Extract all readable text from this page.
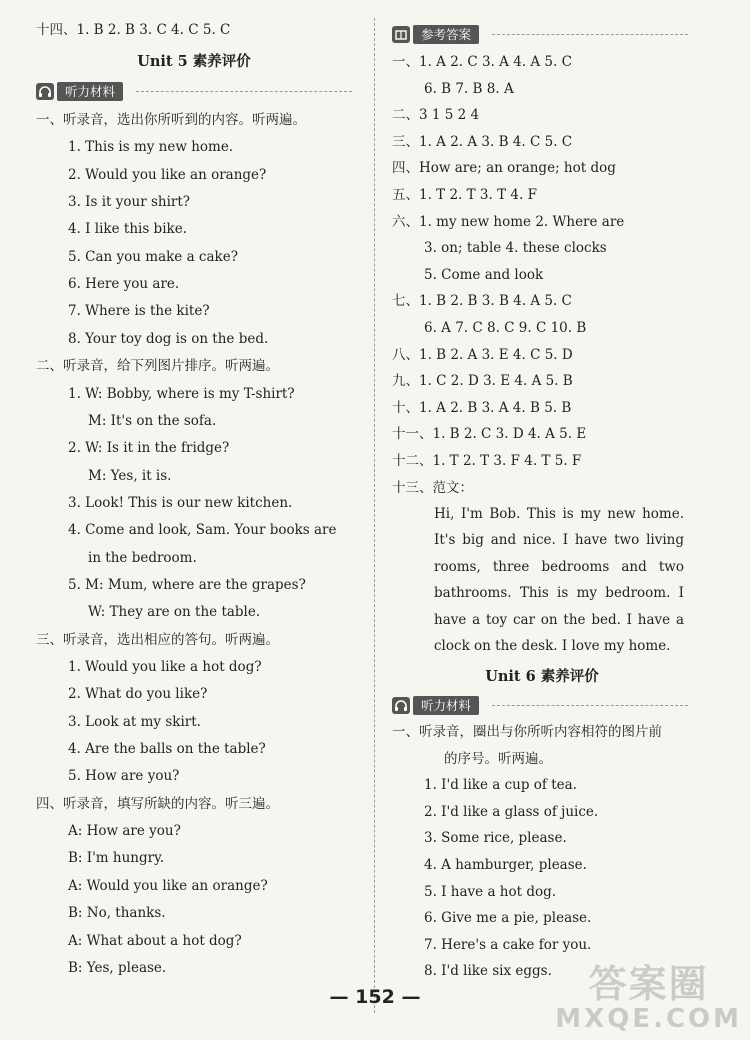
十四、1. B 2. B 3. C 4. C 5. C
Unit 5 素养评价
听力材料
一、听录音，选出你所听到的内容。听两遍。
1. This is my new home.
2. Would you like an orange?
3. Is it your shirt?
4. I like this bike.
5. Can you make a cake?
6. Here you are.
7. Where is the kite?
8. Your toy dog is on the bed.
二、听录音，给下列图片排序。听两遍。
1. W: Bobby, where is my T-shirt?
M: It's on the sofa.
2. W: Is it in the fridge?
M: Yes, it is.
3. Look! This is our new kitchen.
4. Come and look, Sam. Your books are
in the bedroom.
5. M: Mum, where are the grapes?
W: They are on the table.
三、听录音，选出相应的答句。听两遍。
1. Would you like a hot dog?
2. What do you like?
3. Look at my skirt.
4. Are the balls on the table?
5. How are you?
四、听录音，填写所缺的内容。听三遍。
A: How are you?
B: I'm hungry.
A: Would you like an orange?
B: No, thanks.
A: What about a hot dog?
B: Yes, please.
参考答案
一、1. A 2. C 3. A 4. A 5. C
6. B 7. B 8. A
二、3 1 5 2 4
三、1. A 2. A 3. B 4. C 5. C
四、How are; an orange; hot dog
五、1. T 2. T 3. T 4. F
六、1. my new home 2. Where are
3. on; table 4. these clocks
5. Come and look
七、1. B 2. B 3. B 4. A 5. C
6. A 7. C 8. C 9. C 10. B
八、1. B 2. A 3. E 4. C 5. D
九、1. C 2. D 3. E 4. A 5. B
十、1. A 2. B 3. A 4. B 5. B
十一、1. B 2. C 3. D 4. A 5. E
十二、1. T 2. T 3. F 4. T 5. F
十三、范文：
Hi, I'm Bob. This is my new home. It's big and nice. I have two living rooms, three bedrooms and two bathrooms. This is my bedroom. I have a toy car on the bed. I have a clock on the desk. I love my home.
Unit 6 素养评价
听力材料
一、听录音，圈出与你所听内容相符的图片前
的序号。听两遍。
1. I'd like a cup of tea.
2. I'd like a glass of juice.
3. Some rice, please.
4. A hamburger, please.
5. I have a hot dog.
6. Give me a pie, please.
7. Here's a cake for you.
8. I'd like six eggs.
— 152 —	答案圈
MXQE.COM
